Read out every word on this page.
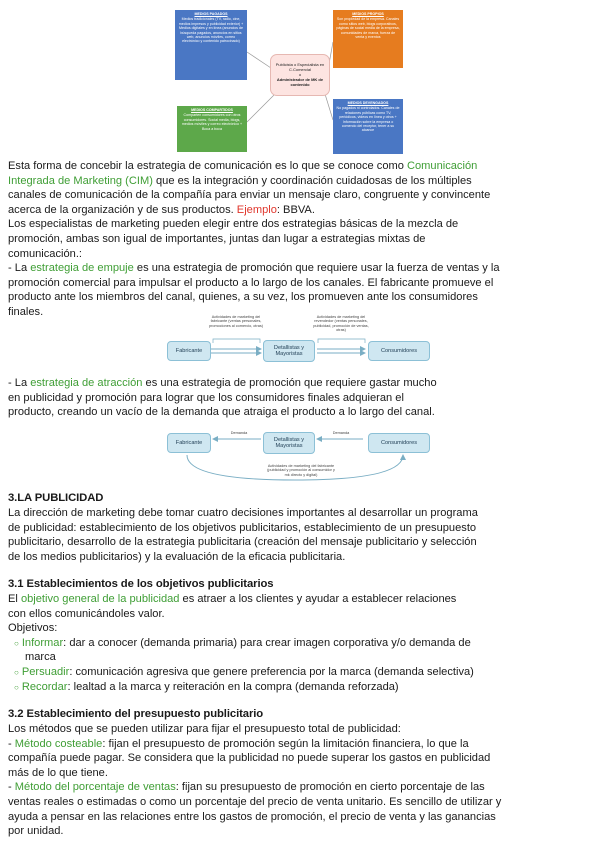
MEDIOS PAGADOS
Medios tradicionales (TV, radio, cine, medios impresos y publicidad exterior) + Medios digitales y en línea (anuncios de búsqueda pagados, anuncios en sitios web, anuncios móviles, correo electrónico y contenido patrocinado)
MEDIOS PROPIOS
Son propiedad de la empresa. Canales como sitios web, blogs corporativos, páginas de social media de la empresa, comunidades de marca, fuerza de venta y eventos
Publicista o Especialista en C.Comercial
o
Administrador de MK de contenido
MEDIOS COMPARTIDOS
Comparten consumidores con otros consumidores. Social media, blogs, medios móviles y correo electrónico + Boca a boca
MEDIOS DEVENGADOS
No pagados ni controlados. Canales de relaciones públicas como TV, periódicos, videos en línea y otros + Información sobre la empresa o comercio del receptor, tener a su alcance

Esta forma de concebir la estrategia de comunicación es lo que se conoce como Comunicación

Integrada de Marketing (CIM) que es la integración y coordinación cuidadosas de los múltiples

canales de comunicación de la compañía para enviar un mensaje claro, congruente y convincente

acerca de la organización y de sus productos. Ejemplo: BBVA.

Los especialistas de marketing pueden elegir entre dos estrategias básicas de la mezcla de

promoción, ambas son igual de importantes, juntas dan lugar a estrategias mixtas de

comunicación.:

- La estrategia de empuje es una estrategia de promoción que requiere usar la fuerza de ventas y la

promoción comercial para impulsar el producto a lo largo de los canales. El fabricante promueve el

producto ante los miembros del canal, quienes, a su vez, los promueven ante los consumidores

finales.	Actividades de marketing del fabricante (ventas personales, promociones al comercio, otras)
Actividades de marketing del revendedor (ventas personales, publicidad, promoción de ventas, otras)
Fabricante
Detallistas y Mayoristas
Consumidores

- La estrategia de atracción es una estrategia de promoción que requiere gastar mucho

en publicidad y promoción para lograr que los consumidores finales adquieran el

producto, creando un vacío de la demanda que atraiga el producto a lo largo del canal.

Demanda	Demanda
Fabricante
Detallistas y Mayoristas
Consumidores
Actividades de marketing del fabricante (publicidad y promoción al consumidor y mk directo y digital)

3.LA PUBLICIDAD

La dirección de marketing debe tomar cuatro decisiones importantes al desarrollar un programa

de publicidad: establecimiento de los objetivos publicitarios, establecimiento de un presupuesto

publicitario, desarrollo de la estrategia publicitaria (creación del mensaje publicitario y selección

de los medios publicitarios) y la evaluación de la eficacia publicitaria.

3.1 Establecimientos de los objetivos publicitarios

El objetivo general de la publicidad es atraer a los clientes y ayudar a establecer relaciones

con ellos comunicándoles valor.

Objetivos:

○ Informar: dar a conocer (demanda primaria) para crear imagen corporativa y/o demanda de

marca

○ Persuadir: comunicación agresiva que genere preferencia por la marca (demanda selectiva)

○ Recordar: lealtad a la marca y reiteración en la compra (demanda reforzada)

3.2 Establecimiento del presupuesto publicitario

Los métodos que se pueden utilizar para fijar el presupuesto total de publicidad:

- Método costeable: fijan el presupuesto de promoción según la limitación financiera, lo que la

compañía puede pagar. Se considera que la publicidad no puede superar los gastos en publicidad

más de lo que tiene.

- Método del porcentaje de ventas: fijan su presupuesto de promoción en cierto porcentaje de las

ventas reales o estimadas o como un porcentaje del precio de venta unitario. Es sencillo de utilizar y

ayuda a pensar en las relaciones entre los gastos de promoción, el precio de venta y las ganancias

por unidad.
